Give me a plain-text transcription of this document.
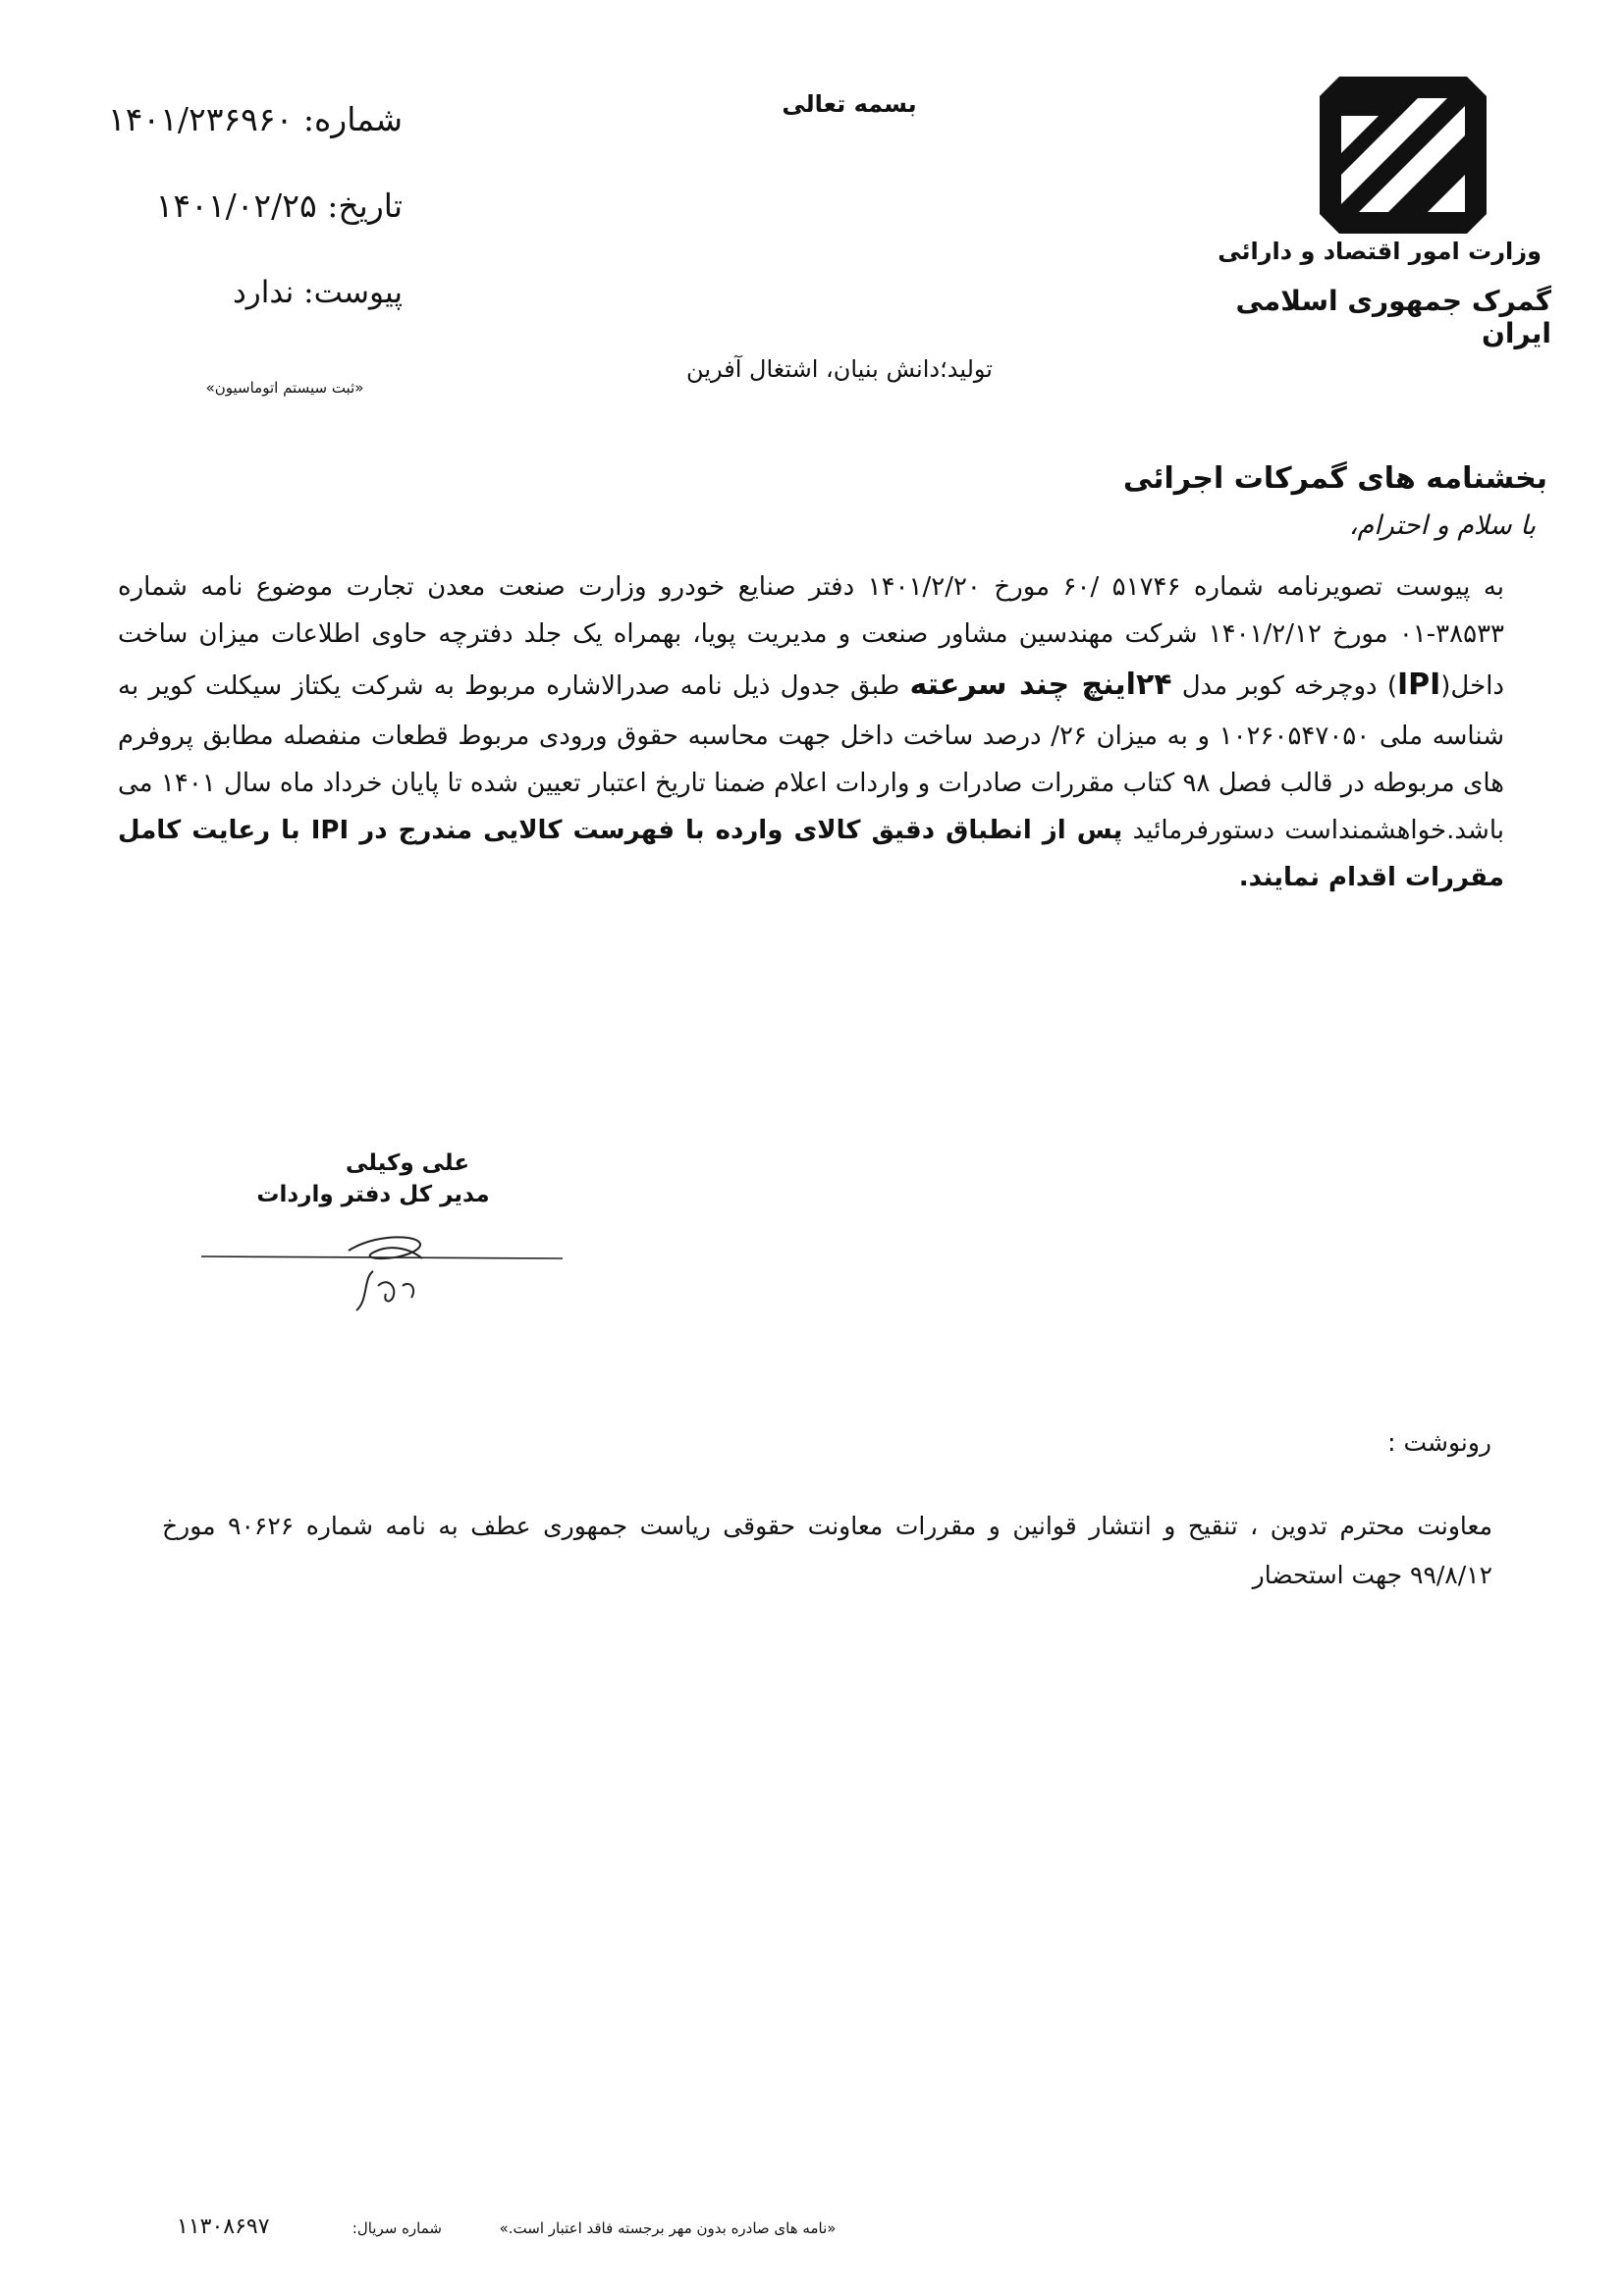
وزارت امور اقتصاد و دارائی
گمرک جمهوری اسلامی ایران
بسمه تعالی
شماره: ۱۴۰۱/۲۳۶۹۶۰
تاریخ: ۱۴۰۱/۰۲/۲۵
پیوست: ندارد
«ثبت سیستم اتوماسیون»
تولید؛دانش بنیان، اشتغال آفرین
بخشنامه های گمرکات اجرائی
با سلام و احترام،
به پیوست تصویرنامه شماره ۵۱۷۴۶ /۶۰ مورخ ۱۴۰۱/۲/۲۰ دفتر صنایع خودرو وزارت صنعت معدن تجارت موضوع نامه شماره ۳۸۵۳۳-۰۱ مورخ ۱۴۰۱/۲/۱۲ شرکت مهندسین مشاور صنعت و مدیریت پویا، بهمراه یک جلد دفترچه حاوی اطلاعات میزان ساخت داخل(IPI) دوچرخه کوبر مدل ۲۴اینچ چند سرعته طبق جدول ذیل نامه صدرالاشاره مربوط به شرکت یکتاز سیکلت کویر به شناسه ملی ۱۰۲۶۰۵۴۷۰۵۰ و به میزان ۲۶/ درصد ساخت داخل جهت محاسبه حقوق ورودی مربوط قطعات منفصله مطابق پروفرم های مربوطه در قالب فصل ۹۸ کتاب مقررات صادرات و واردات اعلام ضمنا تاریخ اعتبار تعیین شده تا پایان خرداد ماه سال ۱۴۰۱ می باشد.خواهشمنداست دستورفرمائید پس از انطباق دقیق کالای وارده با فهرست کالایی مندرج در IPI با رعایت کامل مقررات اقدام نمایند.
علی وکیلی
مدیر کل دفتر واردات
رونوشت :
معاونت محترم تدوین ، تنقیح و انتشار قوانین و مقررات معاونت حقوقی ریاست جمهوری عطف به نامه شماره ۹۰۶۲۶ مورخ ۹۹/۸/۱۲ جهت استحضار
«نامه های صادره بدون مهر برجسته فاقد اعتبار است.»
شماره سریال:
۱۱۳۰۸۶۹۷
